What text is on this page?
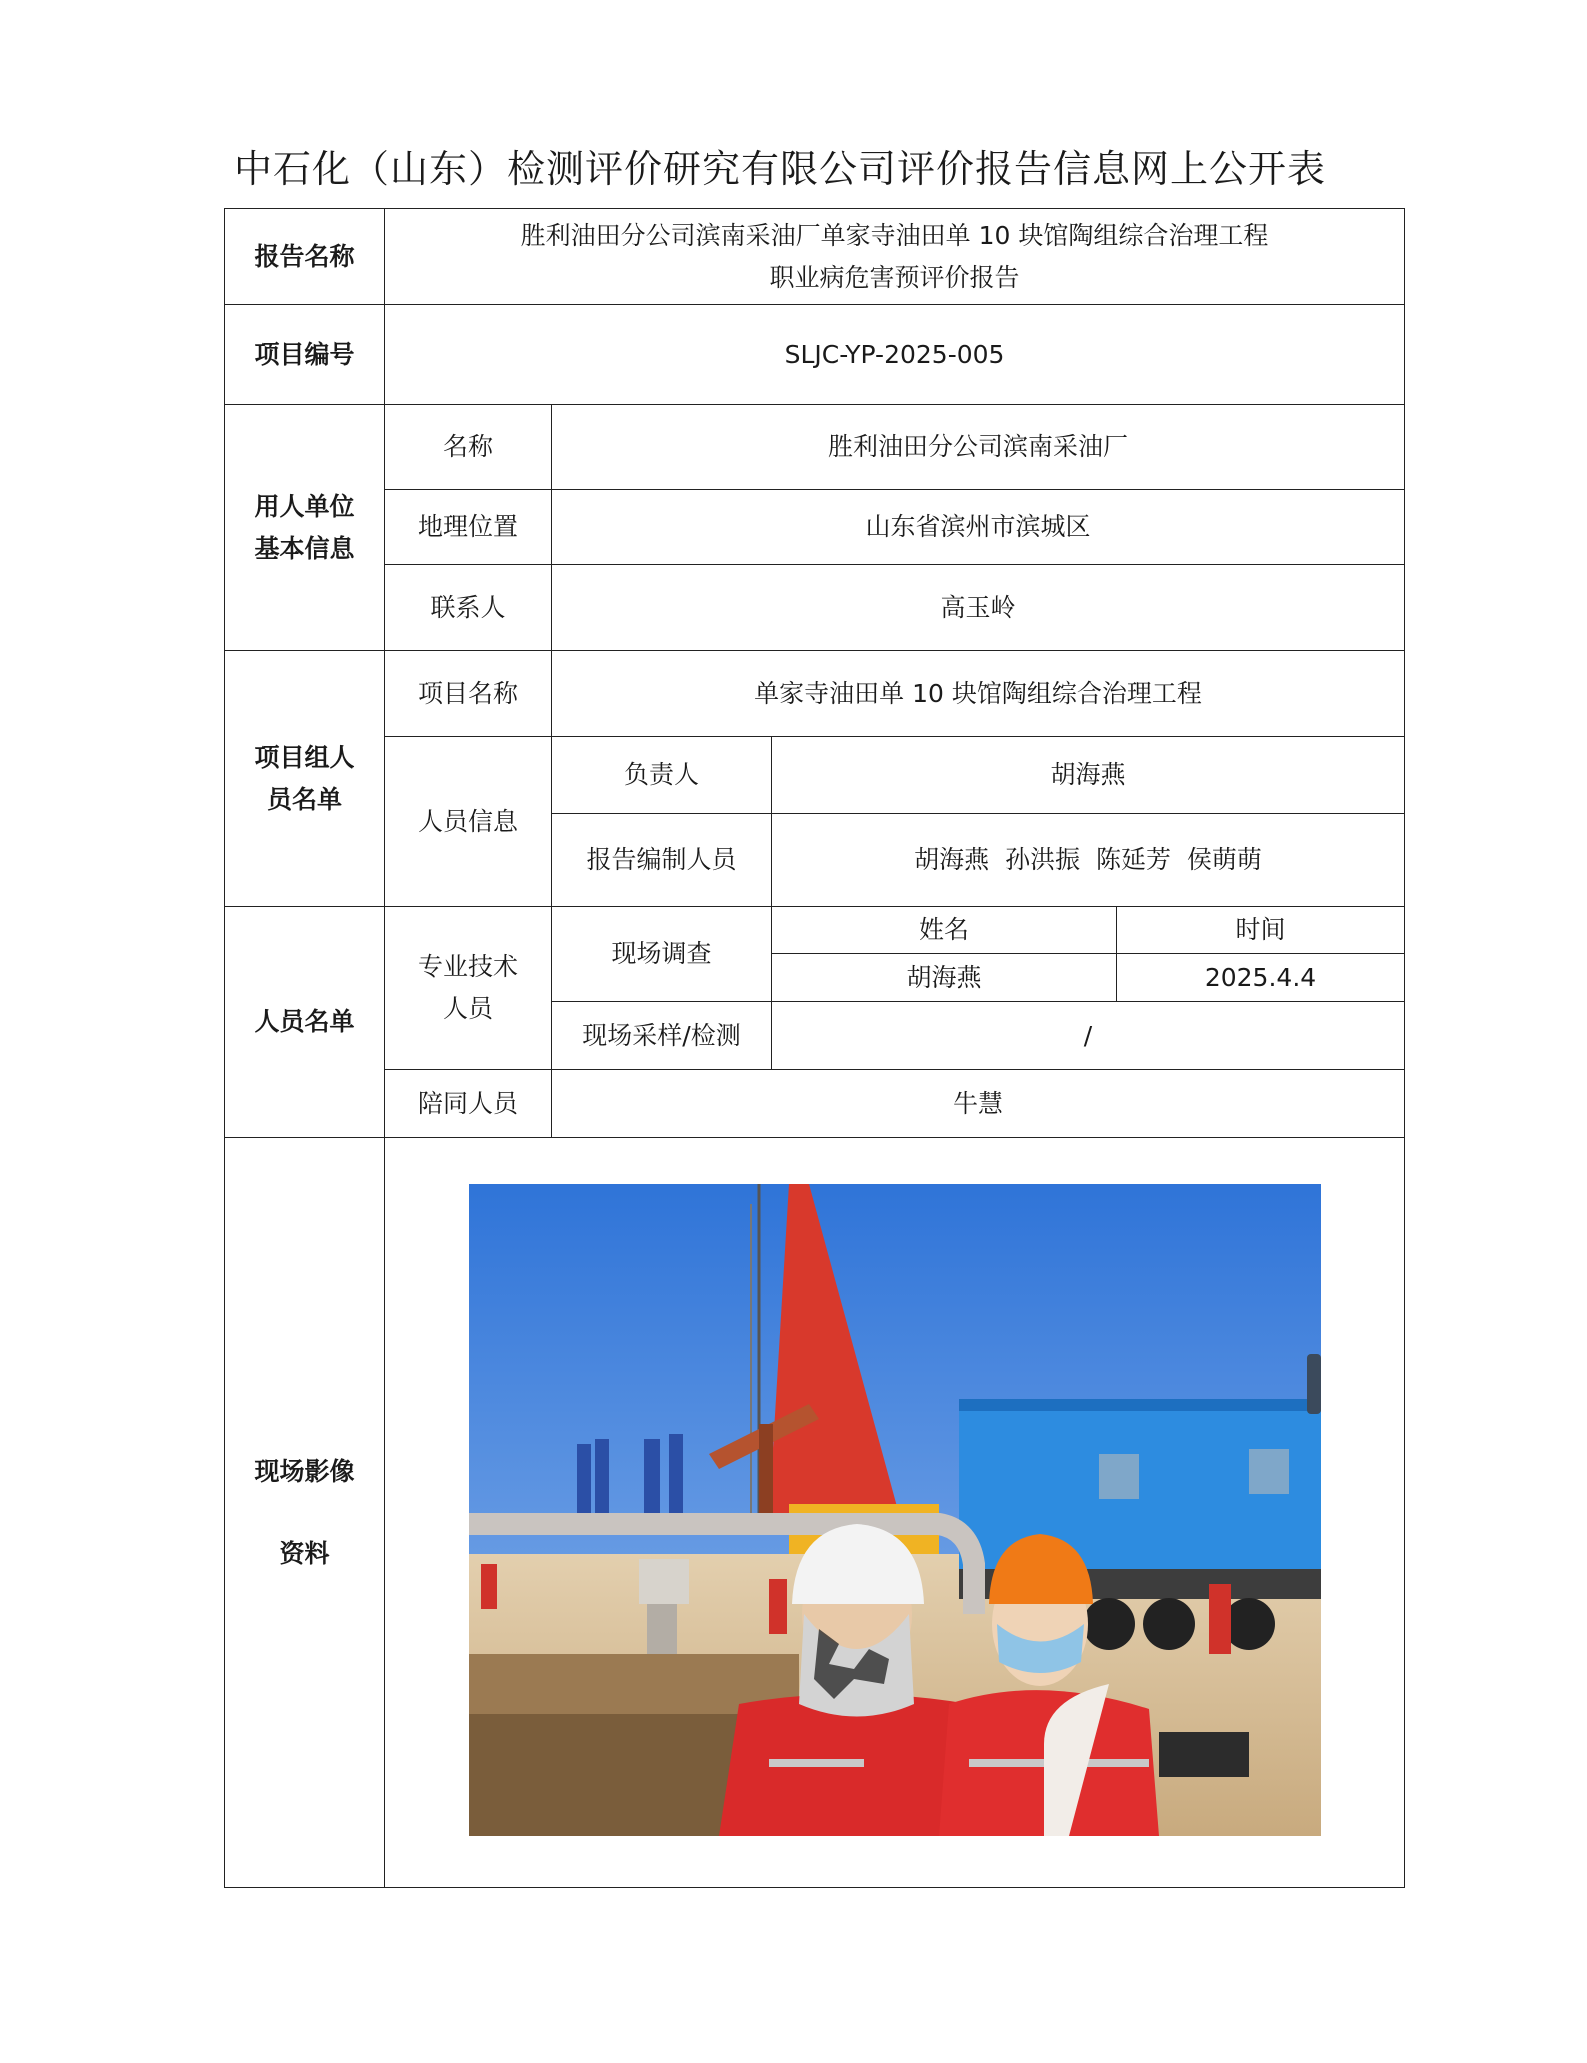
中石化（山东）检测评价研究有限公司评价报告信息网上公开表
报告名称	胜利油田分公司滨南采油厂单家寺油田单 10 块馆陶组综合治理工程
职业病危害预评价报告			

项目编号	SLJC-YP-2025-005			

用人单位
基本信息	名称	胜利油田分公司滨南采油厂		
	地理位置	山东省滨州市滨城区		
	联系人	高玉岭		

项目组人
员名单	项目名称	单家寺油田单 10 块馆陶组综合治理工程		
	人员信息	负责人	胡海燕	
		报告编制人员	胡海燕  孙洪振  陈延芳  侯萌萌	
人员名单	专业技术
人员	现场调查	姓名	时间
			胡海燕	2025.4.4
		现场采样/检测	/	
	陪同人员	牛慧		

现场影像
资料
